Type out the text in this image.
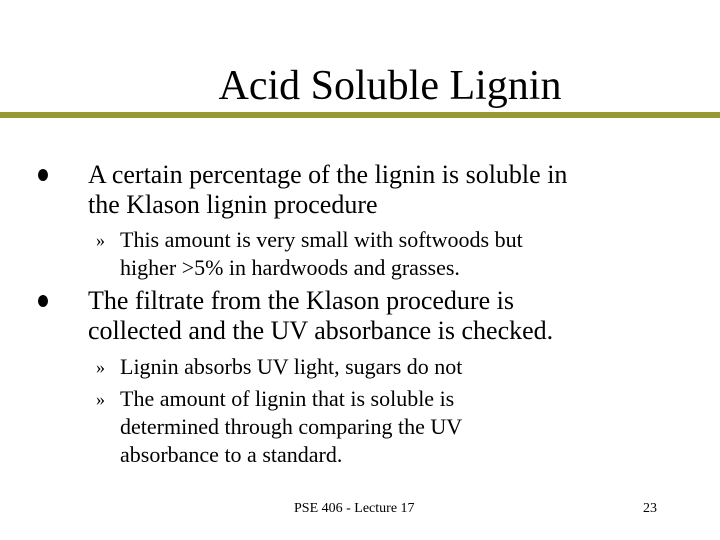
Acid Soluble Lignin
A certain percentage of the lignin is soluble in
the Klason lignin procedure
» This amount is very small with softwoods but
higher >5% in hardwoods and grasses.
The filtrate from the Klason procedure is
collected and the UV absorbance is checked.
» Lignin absorbs UV light, sugars do not
» The amount of lignin that is soluble is
determined through comparing the UV
absorbance to a standard.
PSE 406 - Lecture 17	23
